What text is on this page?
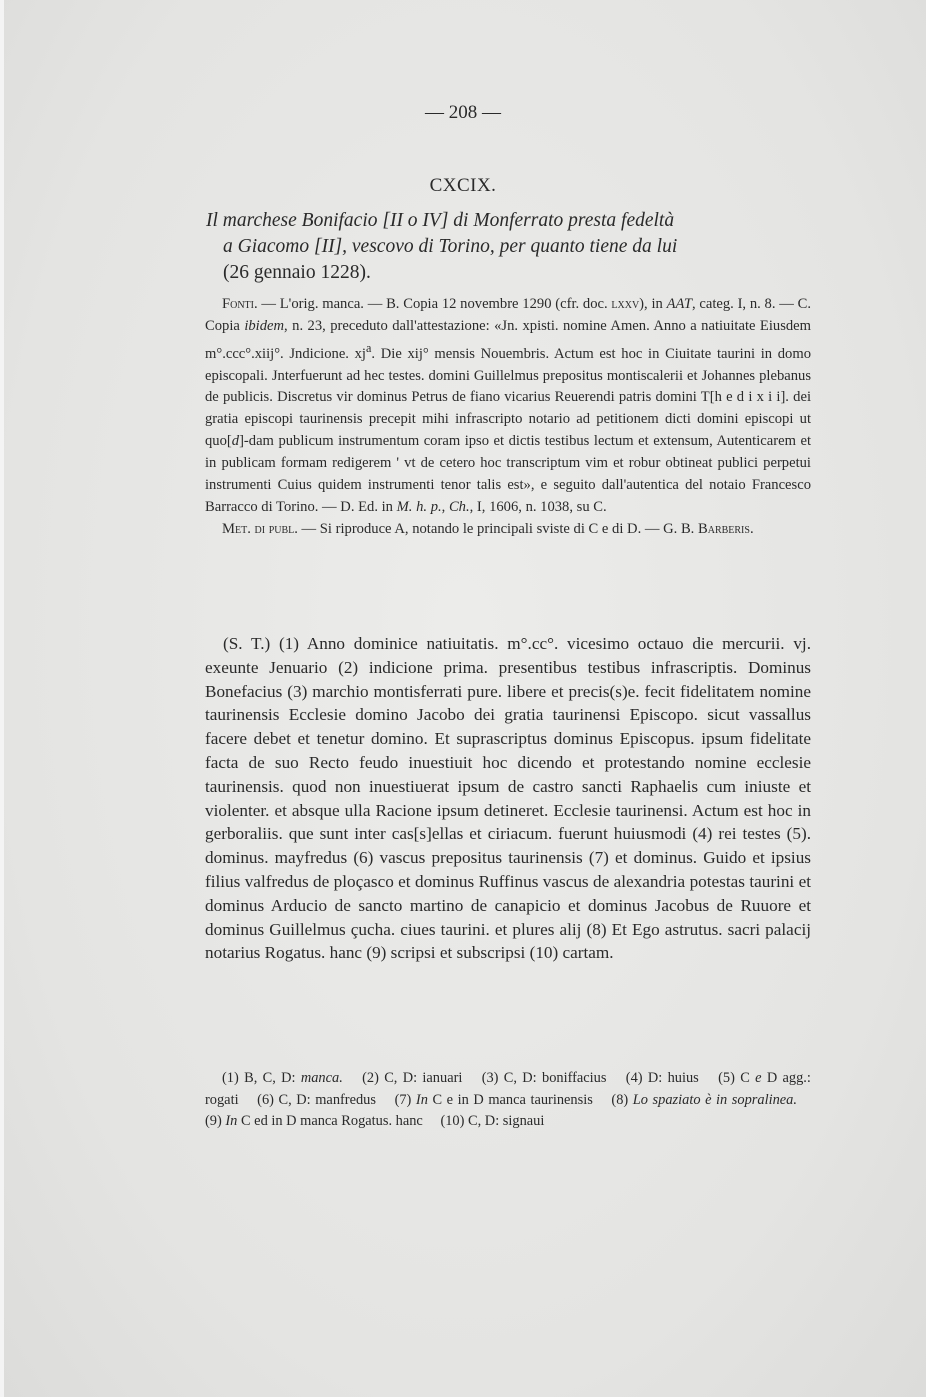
— 208 —
CXCIX.
Il marchese Bonifacio [II o IV] di Monferrato presta fedeltà
a Giacomo [II], vescovo di Torino, per quanto tiene da lui
(26 gennaio 1228).

Fonti. — L'orig. manca. — B. Copia 12 novembre 1290 (cfr. doc. lxxv), in AAT, categ. I, n. 8. — C. Copia ibidem, n. 23, preceduto dall'attestazione: «Jn. xpisti. nomine Amen. Anno a natiuitate Eiusdem m°.ccc°.xiij°. Jndicione. $xj^a$. Die xij° mensis Nouembris. Actum est hoc in Ciuitate taurini in domo episcopali. Jnterfuerunt ad hec testes. domini Guillelmus prepositus montiscalerii et Johannes plebanus de publicis. Discretus vir dominus Petrus de fiano vicarius Reuerendi patris domini T[h e d i x i i]. dei gratia episcopi taurinensis precepit mihi infrascripto notario ad petitionem dicti domini episcopi ut quo[d]-dam publicum instrumentum coram ipso et dictis testibus lectum et extensum, Autenticarem et in publicam formam redigerem ' vt de cetero hoc transcriptum vim et robur obtineat publici perpetui instrumenti Cuius quidem instrumenti tenor talis est», e seguito dall'autentica del notaio Francesco Barracco di Torino. — D. Ed. in M. h. p., Ch., I, 1606, n. 1038, su C.

Met. di publ. — Si riproduce A, notando le principali sviste di C e di D. — G. B. Barberis.

(S. T.) (1) Anno dominice natiuitatis. m°.cc°. vicesimo octauo die mercurii. vj. exeunte Jenuario (2) indicione prima. presentibus testibus infrascriptis. Dominus Bonefacius (3) marchio montisferrati pure. libere et precis(s)e. fecit fidelitatem nomine taurinensis Ecclesie domino Jacobo dei gratia taurinensi Episcopo. sicut vassallus facere debet et tenetur domino. Et suprascriptus dominus Episcopus. ipsum fidelitate facta de suo Recto feudo inuestiuit hoc dicendo et protestando nomine ecclesie taurinensis. quod non inuestiuerat ipsum de castro sancti Raphaelis cum iniuste et violenter. et absque ulla Racione ipsum detineret. Ecclesie taurinensi. Actum est hoc in gerboraliis. que sunt inter cas[s]ellas et ciriacum. fuerunt huiusmodi (4) rei testes (5). dominus. mayfredus (6) vascus prepositus taurinensis (7) et dominus. Guido et ipsius filius valfredus de ploçasco et dominus Ruffinus vascus de alexandria potestas taurini et dominus Arducio de sancto martino de canapicio et dominus Jacobus de Ruuore et dominus Guillelmus çucha. ciues taurini. et plures alij (8) Et Ego astrutus. sacri palacij notarius Rogatus. hanc (9) scripsi et subscripsi (10) cartam.

(1) B, C, D: manca. (2) C, D: ianuari (3) C, D: boniffacius (4) D: huius (5) C e D agg.: rogati (6) C, D: manfredus (7) In C e in D manca taurinensis (8) Lo spaziato è in sopralinea. (9) In C ed in D manca Rogatus. hanc (10) C, D: signaui
